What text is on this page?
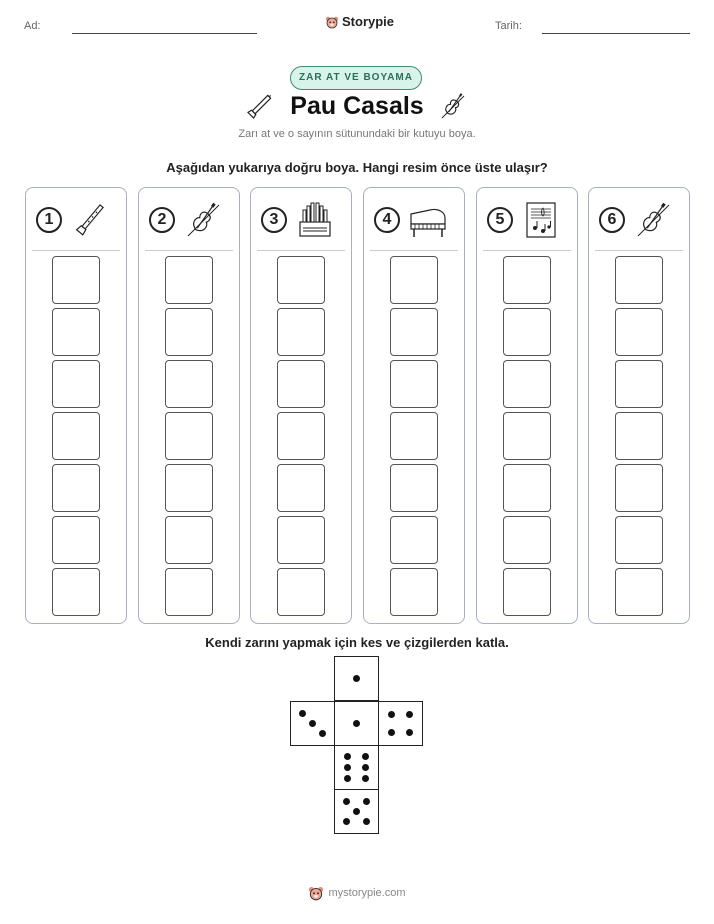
Ad:	Storypie	Tarih:
ZAR AT VE BOYAMA
Pau Casals
Zarı at ve o sayının sütunundaki bir kutuyu boya.
Aşağıdan yukarıya doğru boya. Hangi resim önce üste ulaşır?
1	2	3	4	5	6
Kendi zarını yapmak için kes ve çizgilerden katla.
mystorypie.com
